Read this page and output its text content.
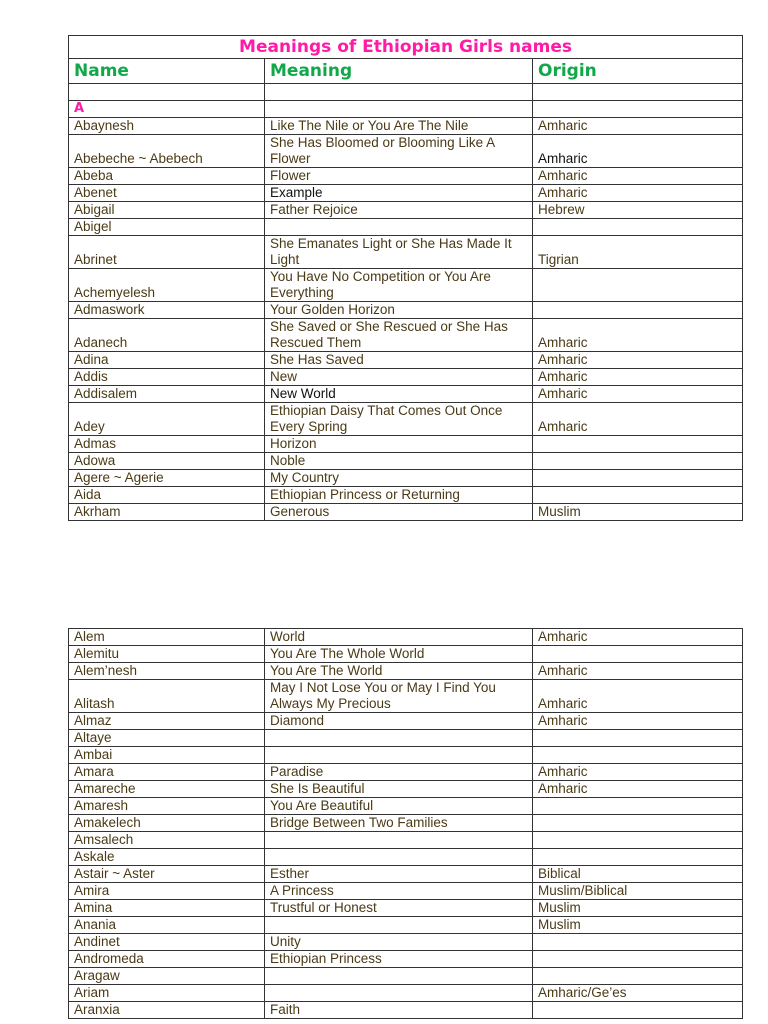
Meanings of Ethiopian Girls names		
Name	Meaning	Origin

A		
Abaynesh	Like The Nile or You Are The Nile	Amharic
Abebeche ~ Abebech	She Has Bloomed or Blooming Like A Flower	Amharic
Abeba	Flower	Amharic
Abenet	Example	Amharic
Abigail	Father Rejoice	Hebrew
Abigel		
Abrinet	She Emanates Light or She Has Made It Light	Tigrian
Achemyelesh	You Have No Competition or You Are Everything	
Admaswork	Your Golden Horizon	
Adanech	She Saved or She Rescued or She Has Rescued Them	Amharic
Adina	She Has Saved	Amharic
Addis	New	Amharic
Addisalem	New World	Amharic
Adey	Ethiopian Daisy That Comes Out Once Every Spring	Amharic
Admas	Horizon	
Adowa	Noble	
Agere ~ Agerie	My Country	
Aida	Ethiopian Princess or Returning	
Akrham	Generous	Muslim
Alem	World	Amharic
Alemitu	You Are The Whole World	
Alem’nesh	You Are The World	Amharic
Alitash	May I Not Lose You or May I Find You Always My Precious	Amharic
Almaz	Diamond	Amharic
Altaye		
Ambai		
Amara	Paradise	Amharic
Amareche	She Is Beautiful	Amharic
Amaresh	You Are Beautiful	
Amakelech	Bridge Between Two Families	
Amsalech		
Askale		
Astair ~ Aster	Esther	Biblical
Amira	A Princess	Muslim/Biblical
Amina	Trustful or Honest	Muslim
Anania		Muslim
Andinet	Unity	
Andromeda	Ethiopian Princess	
Aragaw		
Ariam		Amharic/Ge’es
Aranxia	Faith	
